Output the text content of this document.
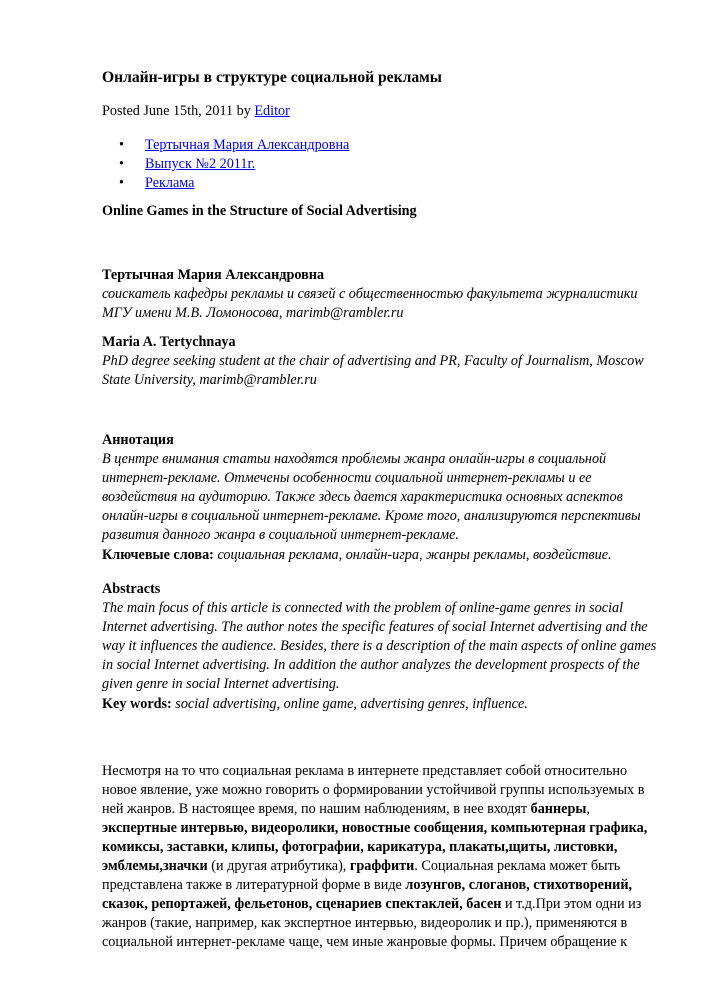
Онлайн-игры в структуре социальной рекламы
Posted June 15th, 2011 by Editor
• Тертычная Мария Александровна
• Выпуск №2 2011г.
• Реклама
Online Games in the Structure of Social Advertising
Тертычная Мария Александровна
соискатель кафедры рекламы и связей с общественностью факультета журналистики МГУ имени М.В. Ломоносова, marimb@rambler.ru
Maria A. Tertychnaya
PhD degree seeking student at the chair of advertising and PR, Faculty of Journalism, Moscow State University, marimb@rambler.ru
Аннотация
В центре внимания статьи находятся проблемы жанра онлайн-игры в социальной интернет-рекламе. Отмечены особенности социальной интернет-рекламы и ее воздействия на аудиторию. Также здесь дается характеристика основных аспектов онлайн-игры в социальной интернет-рекламе. Кроме того, анализируются перспективы развития данного жанра в социальной интернет-рекламе.
Ключевые слова: социальная реклама, онлайн-игра, жанры рекламы, воздействие.
Abstracts
The main focus of this article is connected with the problem of online-game genres in social Internet advertising. The author notes the specific features of social Internet advertising and the way it influences the audience. Besides, there is a description of the main aspects of online games in social Internet advertising. In addition the author analyzes the development prospects of the given genre in social Internet advertising.
Key words: social advertising, online game, advertising genres, influence.

Несмотря на то что социальная реклама в интернете представляет собой относительно новое явление, уже можно говорить о формировании устойчивой группы используемых в ней жанров. В настоящее время, по нашим наблюдениям, в нее входят баннеры, экспертные интервью, видеоролики, новостные сообщения, компьютерная графика, комиксы, заставки, клипы, фотографии, карикатура, плакаты,щиты, листовки, эмблемы,значки (и другая атрибутика), граффити. Социальная реклама может быть представлена также в литературной форме в виде лозунгов, слоганов, стихотворений, сказок, репортажей, фельетонов, сценариев спектаклей, басен и т.д.При этом одни из жанров (такие, например, как экспертное интервью, видеоролик и пр.), применяются в социальной интернет-рекламе чаще, чем иные жанровые формы. Причем обращение к
